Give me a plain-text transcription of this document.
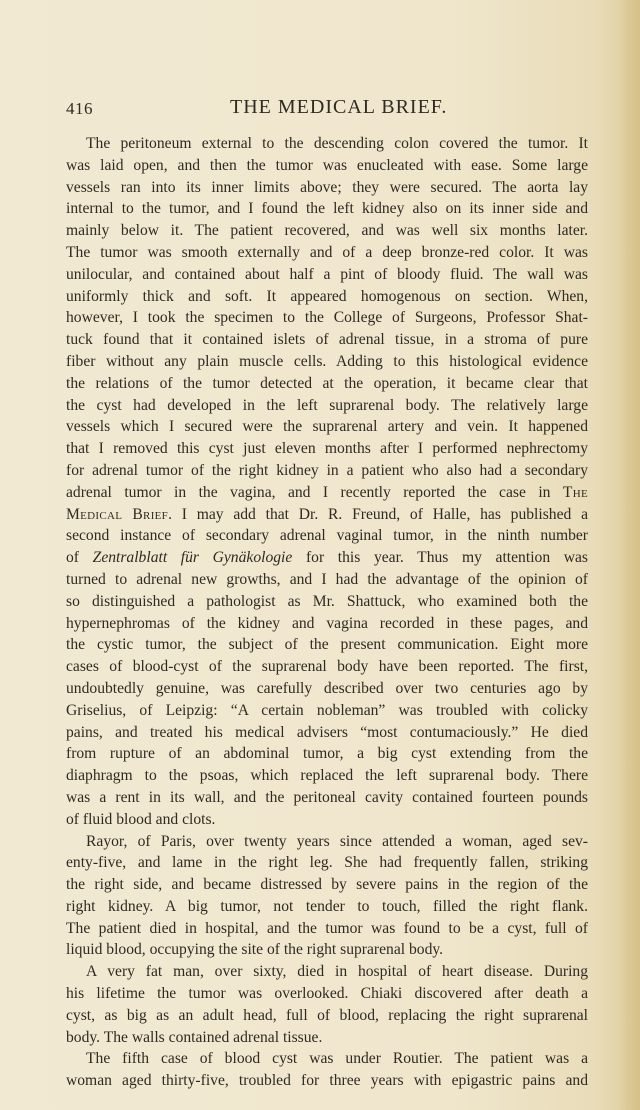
416	THE MEDICAL BRIEF.
The peritoneum external to the descending colon covered the tumor. It
was laid open, and then the tumor was enucleated with ease. Some large
vessels ran into its inner limits above; they were secured. The aorta lay
internal to the tumor, and I found the left kidney also on its inner side and
mainly below it. The patient recovered, and was well six months later.
The tumor was smooth externally and of a deep bronze-red color. It was
unilocular, and contained about half a pint of bloody fluid. The wall was
uniformly thick and soft. It appeared homogenous on section. When,
however, I took the specimen to the College of Surgeons, Professor Shat-
tuck found that it contained islets of adrenal tissue, in a stroma of pure
fiber without any plain muscle cells. Adding to this histological evidence
the relations of the tumor detected at the operation, it became clear that
the cyst had developed in the left suprarenal body. The relatively large
vessels which I secured were the suprarenal artery and vein. It happened
that I removed this cyst just eleven months after I performed nephrectomy
for adrenal tumor of the right kidney in a patient who also had a secondary
adrenal tumor in the vagina, and I recently reported the case in The
Medical Brief. I may add that Dr. R. Freund, of Halle, has published a
second instance of secondary adrenal vaginal tumor, in the ninth number
of Zentralblatt für Gynäkologie for this year. Thus my attention was
turned to adrenal new growths, and I had the advantage of the opinion of
so distinguished a pathologist as Mr. Shattuck, who examined both the
hypernephromas of the kidney and vagina recorded in these pages, and
the cystic tumor, the subject of the present communication. Eight more
cases of blood-cyst of the suprarenal body have been reported. The first,
undoubtedly genuine, was carefully described over two centuries ago by
Griselius, of Leipzig: “A certain nobleman” was troubled with colicky
pains, and treated his medical advisers “most contumaciously.” He died
from rupture of an abdominal tumor, a big cyst extending from the
diaphragm to the psoas, which replaced the left suprarenal body. There
was a rent in its wall, and the peritoneal cavity contained fourteen pounds
of fluid blood and clots.
Rayor, of Paris, over twenty years since attended a woman, aged sev-
enty-five, and lame in the right leg. She had frequently fallen, striking
the right side, and became distressed by severe pains in the region of the
right kidney. A big tumor, not tender to touch, filled the right flank.
The patient died in hospital, and the tumor was found to be a cyst, full of
liquid blood, occupying the site of the right suprarenal body.
A very fat man, over sixty, died in hospital of heart disease. During
his lifetime the tumor was overlooked. Chiaki discovered after death a
cyst, as big as an adult head, full of blood, replacing the right suprarenal
body. The walls contained adrenal tissue.
The fifth case of blood cyst was under Routier. The patient was a
woman aged thirty-five, troubled for three years with epigastric pains and
